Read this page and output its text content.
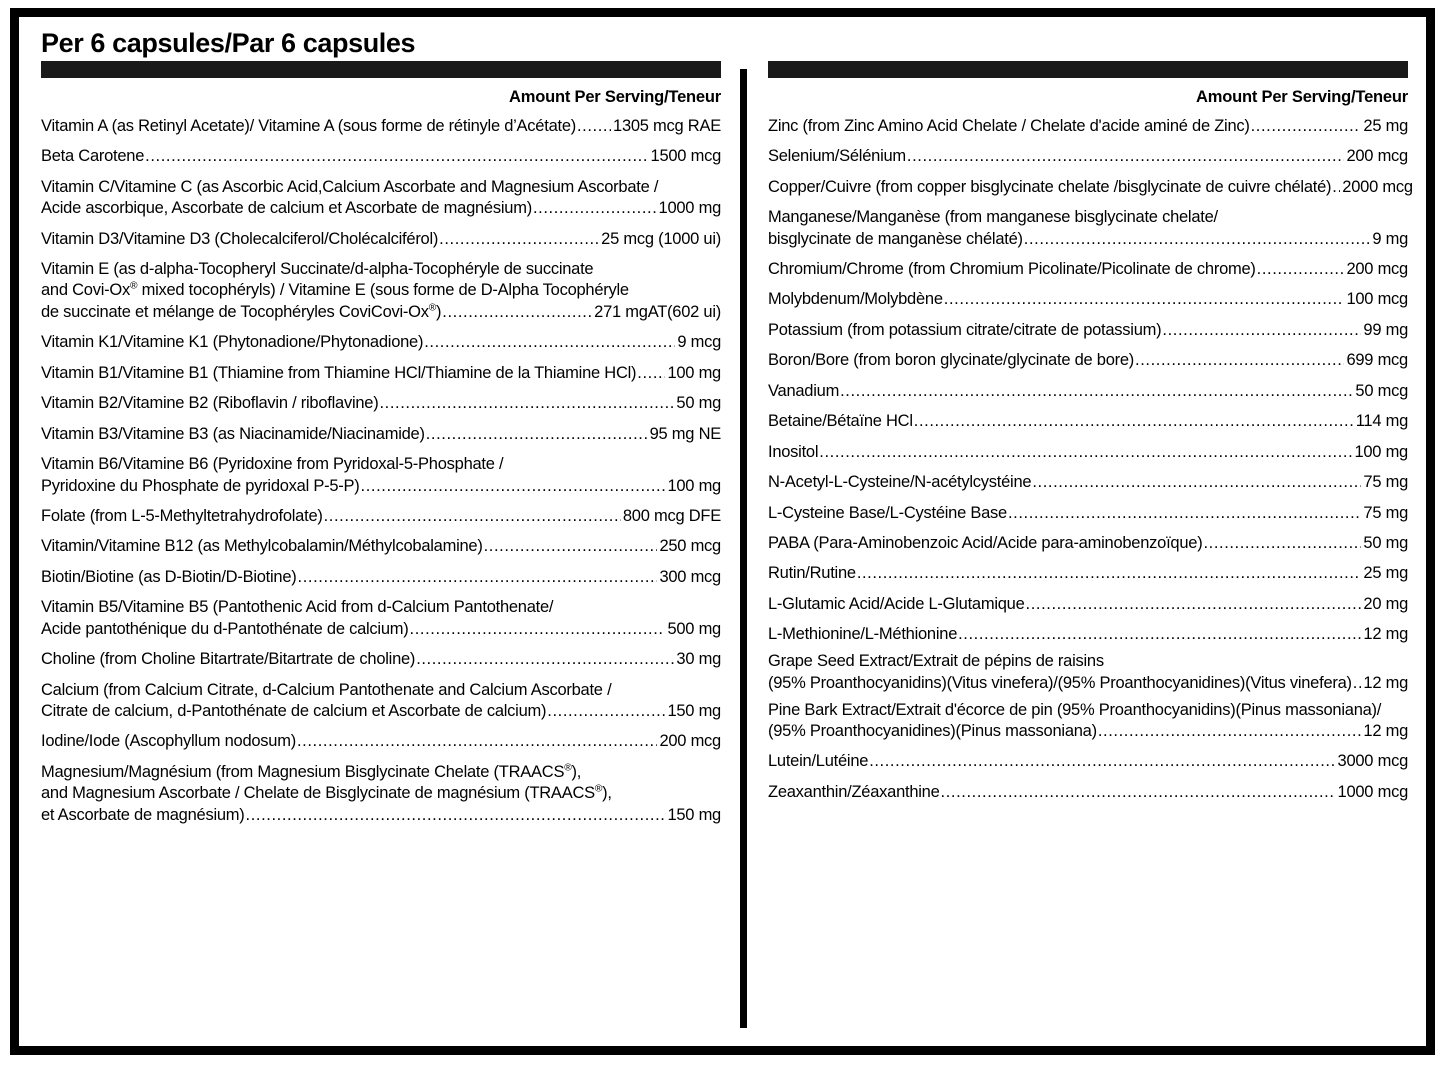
Per 6 capsules/Par 6 capsules
Amount Per Serving/Teneur
Vitamin A (as Retinyl Acetate)/ Vitamine A (sous forme de rétinyle d’Acétate) ..... 1305 mcg RAE
Beta Carotene .....	1500 mcg
Vitamin C/Vitamine C (as Ascorbic Acid,Calcium Ascorbate and Magnesium Ascorbate /
Acide ascorbique, Ascorbate de calcium et Ascorbate de magnésium) .....	1000 mg
Vitamin D3/Vitamine D3 (Cholecalciferol/Cholécalciférol) .....	25 mcg (1000 ui)
Vitamin E (as d-alpha-Tocopheryl Succinate/d-alpha-Tocophéryle de succinate
and Covi-Ox® mixed tocophéryls) / Vitamine E (sous forme de D-Alpha Tocophéryle
de succinate et mélange de Tocophéryles CoviCovi-Ox®) .....	271 mgAT(602 ui)
Vitamin K1/Vitamine K1 (Phytonadione/Phytonadione) .....	9 mcg
Vitamin B1/Vitamine B1 (Thiamine from Thiamine HCl/Thiamine de la Thiamine HCl) ..... 100 mg
Vitamin B2/Vitamine B2 (Riboflavin / riboflavine) .....	50 mg
Vitamin B3/Vitamine B3 (as Niacinamide/Niacinamide) .....	95 mg NE
Vitamin B6/Vitamine B6 (Pyridoxine from Pyridoxal-5-Phosphate /
Pyridoxine du Phosphate de pyridoxal P-5-P) .....	100 mg
Folate (from L-5-Methyltetrahydrofolate) .....	800 mcg DFE
Vitamin/Vitamine B12 (as Methylcobalamin/Méthylcobalamine) .....	250 mcg
Biotin/Biotine (as D-Biotin/D-Biotine) .....	300 mcg
Vitamin B5/Vitamine B5 (Pantothenic Acid from d-Calcium Pantothenate/
Acide pantothénique du d-Pantothénate de calcium) .....	500 mg
Choline (from Choline Bitartrate/Bitartrate de choline) .....	30 mg
Calcium (from Calcium Citrate, d-Calcium Pantothenate and Calcium Ascorbate /
Citrate de calcium, d-Pantothénate de calcium et Ascorbate de calcium) .....	150 mg
Iodine/Iode (Ascophyllum nodosum) .....	200 mcg
Magnesium/Magnésium (from Magnesium Bisglycinate Chelate (TRAACS®),
and Magnesium Ascorbate / Chelate de Bisglycinate de magnésium (TRAACS®),
et Ascorbate de magnésium) .....	150 mg
Amount Per Serving/Teneur
Zinc (from Zinc Amino Acid Chelate / Chelate d'acide aminé de Zinc) .....	25 mg
Selenium/Sélénium .....	200 mcg
Copper/Cuivre (from copper bisglycinate chelate /bisglycinate de cuivre chélaté) ..... 2000 mcg
Manganese/Manganèse (from manganese bisglycinate chelate/
bisglycinate de manganèse chélaté) .....	9 mg
Chromium/Chrome (from Chromium Picolinate/Picolinate de chrome) .....	200 mcg
Molybdenum/Molybdène .....	100 mcg
Potassium (from potassium citrate/citrate de potassium) .....	99 mg
Boron/Bore (from boron glycinate/glycinate de bore) .....	699 mcg
Vanadium .....	50 mcg
Betaine/Bétaïne HCl .....	114 mg
Inositol .....	100 mg
N-Acetyl-L-Cysteine/N-acétylcystéine .....	75 mg
L-Cysteine Base/L-Cystéine Base .....	75 mg
PABA (Para-Aminobenzoic Acid/Acide para-aminobenzoïque) .....	50 mg
Rutin/Rutine .....	25 mg
L-Glutamic Acid/Acide L-Glutamique .....	20 mg
L-Methionine/L-Méthionine .....	12 mg
Grape Seed Extract/Extrait de pépins de raisins
(95% Proanthocyanidins)(Vitus vinefera)/(95% Proanthocyanidines)(Vitus vinefera) ..... 12 mg
Pine Bark Extract/Extrait d'écorce de pin (95% Proanthocyanidins)(Pinus massoniana)/
(95% Proanthocyanidines)(Pinus massoniana) .....	12 mg
Lutein/Lutéine .....	3000 mcg
Zeaxanthin/Zéaxanthine .....	1000 mcg
